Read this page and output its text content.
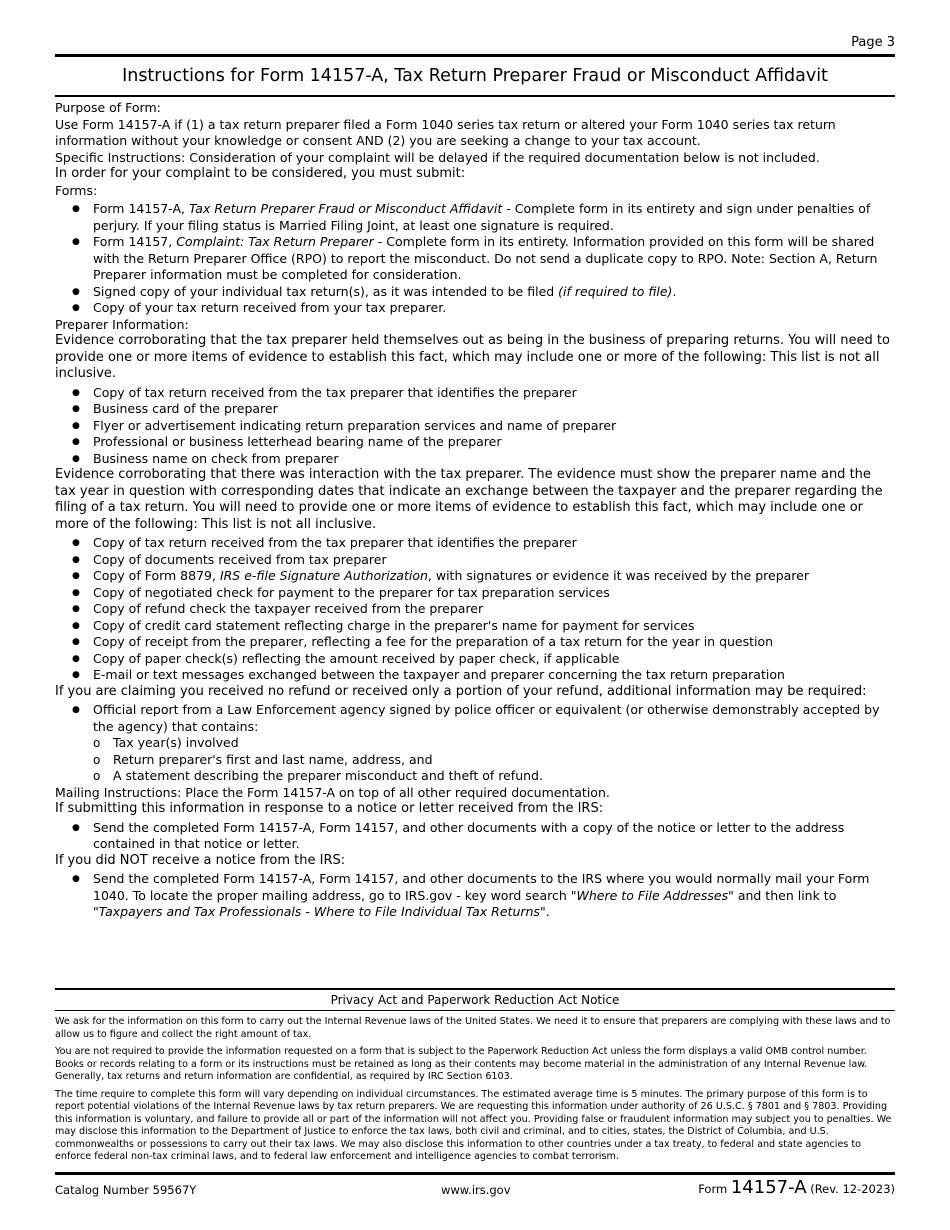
Page 3
Instructions for Form 14157-A, Tax Return Preparer Fraud or Misconduct Affidavit

Purpose of Form:

Use Form 14157-A if (1) a tax return preparer filed a Form 1040 series tax return or altered your Form 1040 series tax return information without your knowledge or consent AND (2) you are seeking a change to your tax account.

Specific Instructions: Consideration of your complaint will be delayed if the required documentation below is not included.

In order for your complaint to be considered, you must submit:

Forms:

● Form 14157-A, Tax Return Preparer Fraud or Misconduct Affidavit - Complete form in its entirety and sign under penalties of perjury. If your filing status is Married Filing Joint, at least one signature is required.
● Form 14157, Complaint: Tax Return Preparer - Complete form in its entirety. Information provided on this form will be shared with the Return Preparer Office (RPO) to report the misconduct. Do not send a duplicate copy to RPO. Note: Section A, Return Preparer information must be completed for consideration.
● Signed copy of your individual tax return(s), as it was intended to be filed (if required to file).
● Copy of your tax return received from your tax preparer.

Preparer Information:

Evidence corroborating that the tax preparer held themselves out as being in the business of preparing returns. You will need to provide one or more items of evidence to establish this fact, which may include one or more of the following: This list is not all inclusive.

● Copy of tax return received from the tax preparer that identifies the preparer
● Business card of the preparer
● Flyer or advertisement indicating return preparation services and name of preparer
● Professional or business letterhead bearing name of the preparer
● Business name on check from preparer

Evidence corroborating that there was interaction with the tax preparer. The evidence must show the preparer name and the tax year in question with corresponding dates that indicate an exchange between the taxpayer and the preparer regarding the filing of a tax return. You will need to provide one or more items of evidence to establish this fact, which may include one or more of the following: This list is not all inclusive.

● Copy of tax return received from the tax preparer that identifies the preparer
● Copy of documents received from tax preparer
● Copy of Form 8879, IRS e-file Signature Authorization, with signatures or evidence it was received by the preparer
● Copy of negotiated check for payment to the preparer for tax preparation services
● Copy of refund check the taxpayer received from the preparer
● Copy of credit card statement reflecting charge in the preparer's name for payment for services
● Copy of receipt from the preparer, reflecting a fee for the preparation of a tax return for the year in question
● Copy of paper check(s) reflecting the amount received by paper check, if applicable
● E-mail or text messages exchanged between the taxpayer and preparer concerning the tax return preparation

If you are claiming you received no refund or received only a portion of your refund, additional information may be required:

● Official report from a Law Enforcement agency signed by police officer or equivalent (or otherwise demonstrably accepted by the agency) that contains:
o Tax year(s) involved
o Return preparer's first and last name, address, and
o A statement describing the preparer misconduct and theft of refund.

Mailing Instructions: Place the Form 14157-A on top of all other required documentation.

If submitting this information in response to a notice or letter received from the IRS:

● Send the completed Form 14157-A, Form 14157, and other documents with a copy of the notice or letter to the address contained in that notice or letter.

If you did NOT receive a notice from the IRS:

● Send the completed Form 14157-A, Form 14157, and other documents to the IRS where you would normally mail your Form 1040. To locate the proper mailing address, go to IRS.gov - key word search "Where to File Addresses" and then link to "Taxpayers and Tax Professionals - Where to File Individual Tax Returns".
Privacy Act and Paperwork Reduction Act Notice

We ask for the information on this form to carry out the Internal Revenue laws of the United States. We need it to ensure that preparers are complying with these laws and to allow us to figure and collect the right amount of tax.

You are not required to provide the information requested on a form that is subject to the Paperwork Reduction Act unless the form displays a valid OMB control number. Books or records relating to a form or its instructions must be retained as long as their contents may become material in the administration of any Internal Revenue law. Generally, tax returns and return information are confidential, as required by IRC Section 6103.

The time require to complete this form will vary depending on individual circumstances. The estimated average time is 5 minutes. The primary purpose of this form is to report potential violations of the Internal Revenue laws by tax return preparers. We are requesting this information under authority of 26 U.S.C. § 7801 and § 7803. Providing this information is voluntary, and failure to provide all or part of the information will not affect you. Providing false or fraudulent information may subject you to penalties. We may disclose this information to the Department of Justice to enforce the tax laws, both civil and criminal, and to cities, states, the District of Columbia, and U.S. commonwealths or possessions to carry out their tax laws. We may also disclose this information to other countries under a tax treaty, to federal and state agencies to enforce federal non-tax criminal laws, and to federal law enforcement and intelligence agencies to combat terrorism.

Catalog Number 59567Y	www.irs.gov	Form 14157-A (Rev. 12-2023)
